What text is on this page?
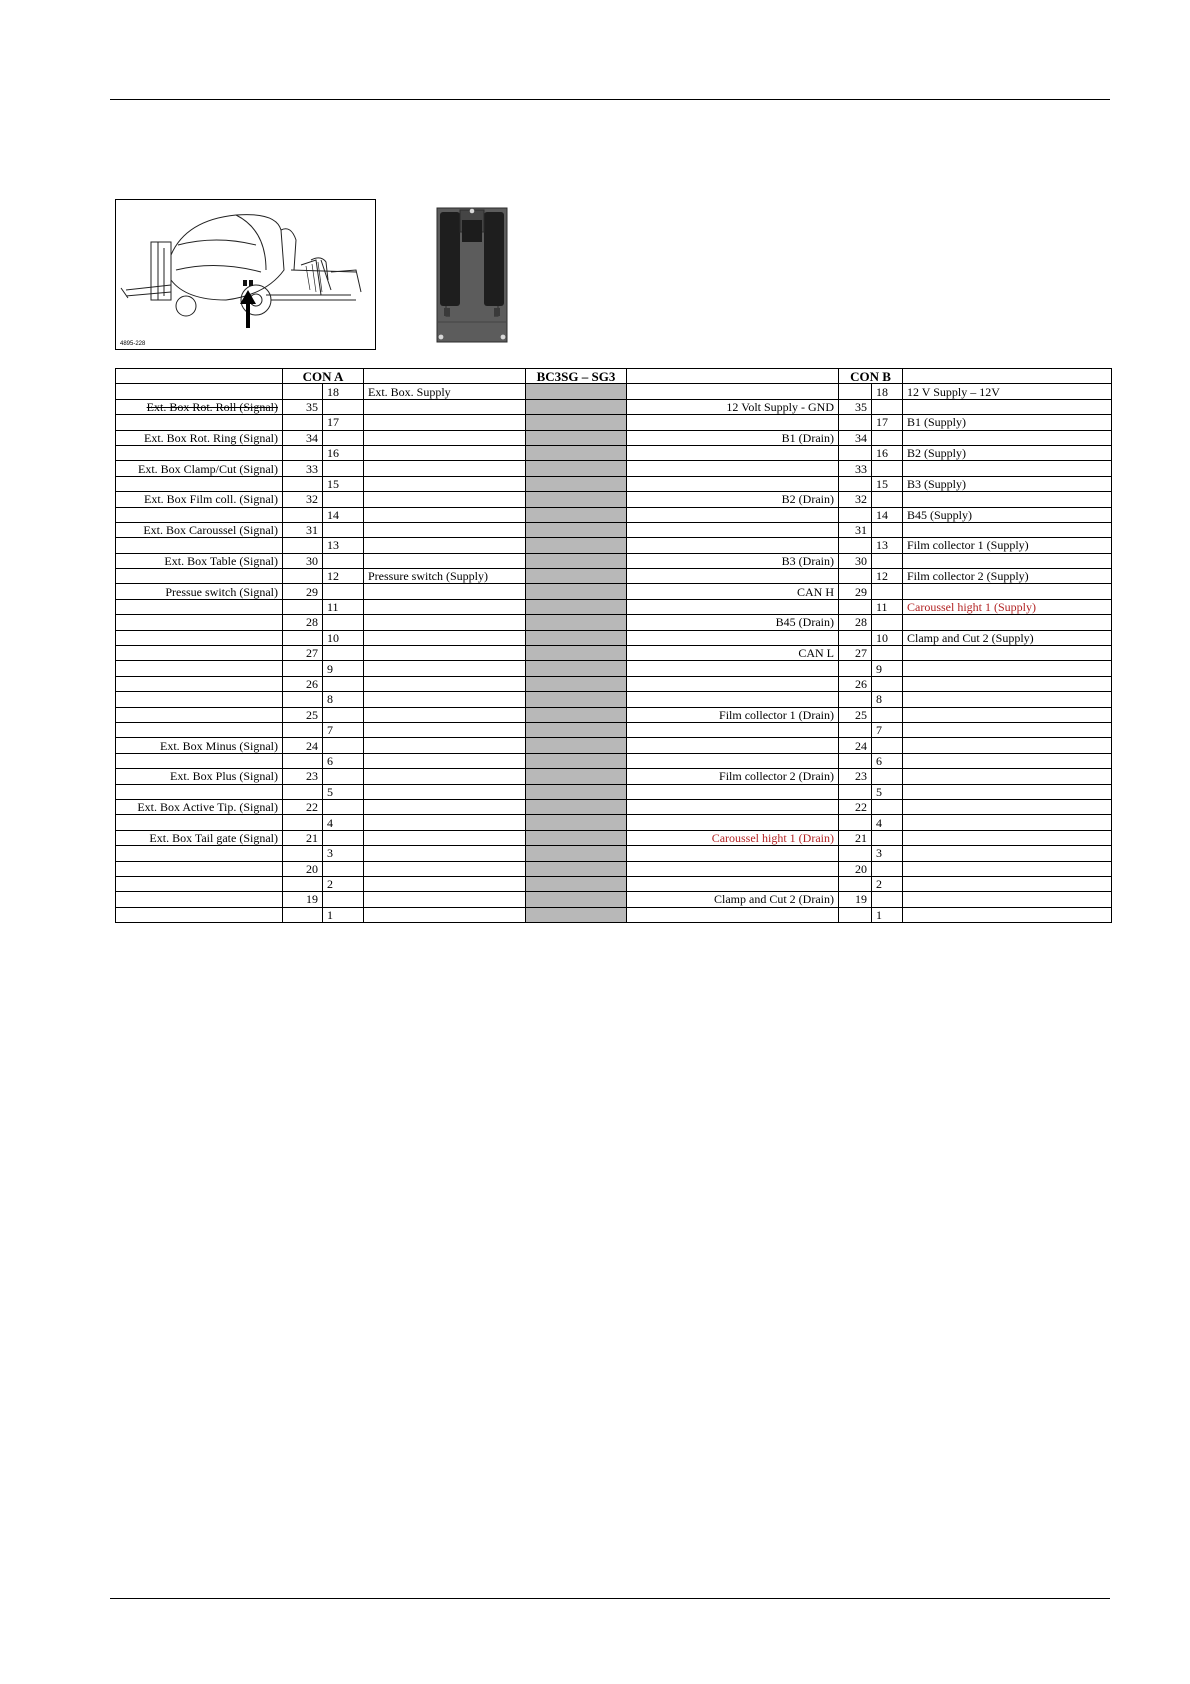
4895-228
	CON A			BC3SG – SG3		CON B		
		18	Ext. Box. Supply				18	12 V Supply – 12V
Ext. Box Rot. Roll (Signal)	35				12 Volt Supply - GND	35		
		17					17	B1 (Supply)
Ext. Box Rot. Ring (Signal)	34				B1 (Drain)	34		
		16					16	B2 (Supply)
Ext. Box Clamp/Cut (Signal)	33					33		
		15					15	B3 (Supply)
Ext. Box Film coll. (Signal)	32				B2 (Drain)	32		
		14					14	B45 (Supply)
Ext. Box Caroussel (Signal)	31					31		
		13					13	Film collector 1 (Supply)
Ext. Box Table (Signal)	30				B3 (Drain)	30		
		12	Pressure switch (Supply)				12	Film collector 2 (Supply)
Pressue switch (Signal)	29				CAN H	29		
		11					11	Caroussel hight 1 (Supply)
	28				B45 (Drain)	28		
		10					10	Clamp and Cut 2 (Supply)
	27				CAN L	27		
		9					9	
	26					26		
		8					8	
	25				Film collector 1 (Drain)	25		
		7					7	
Ext. Box Minus (Signal)	24					24		
		6					6	
Ext. Box Plus (Signal)	23				Film collector 2 (Drain)	23		
		5					5	
Ext. Box Active Tip. (Signal)	22					22		
		4					4	
Ext. Box Tail gate (Signal)	21				Caroussel hight 1 (Drain)	21		
		3					3	
	20					20		
		2					2	
	19				Clamp and Cut 2 (Drain)	19		
		1					1	
